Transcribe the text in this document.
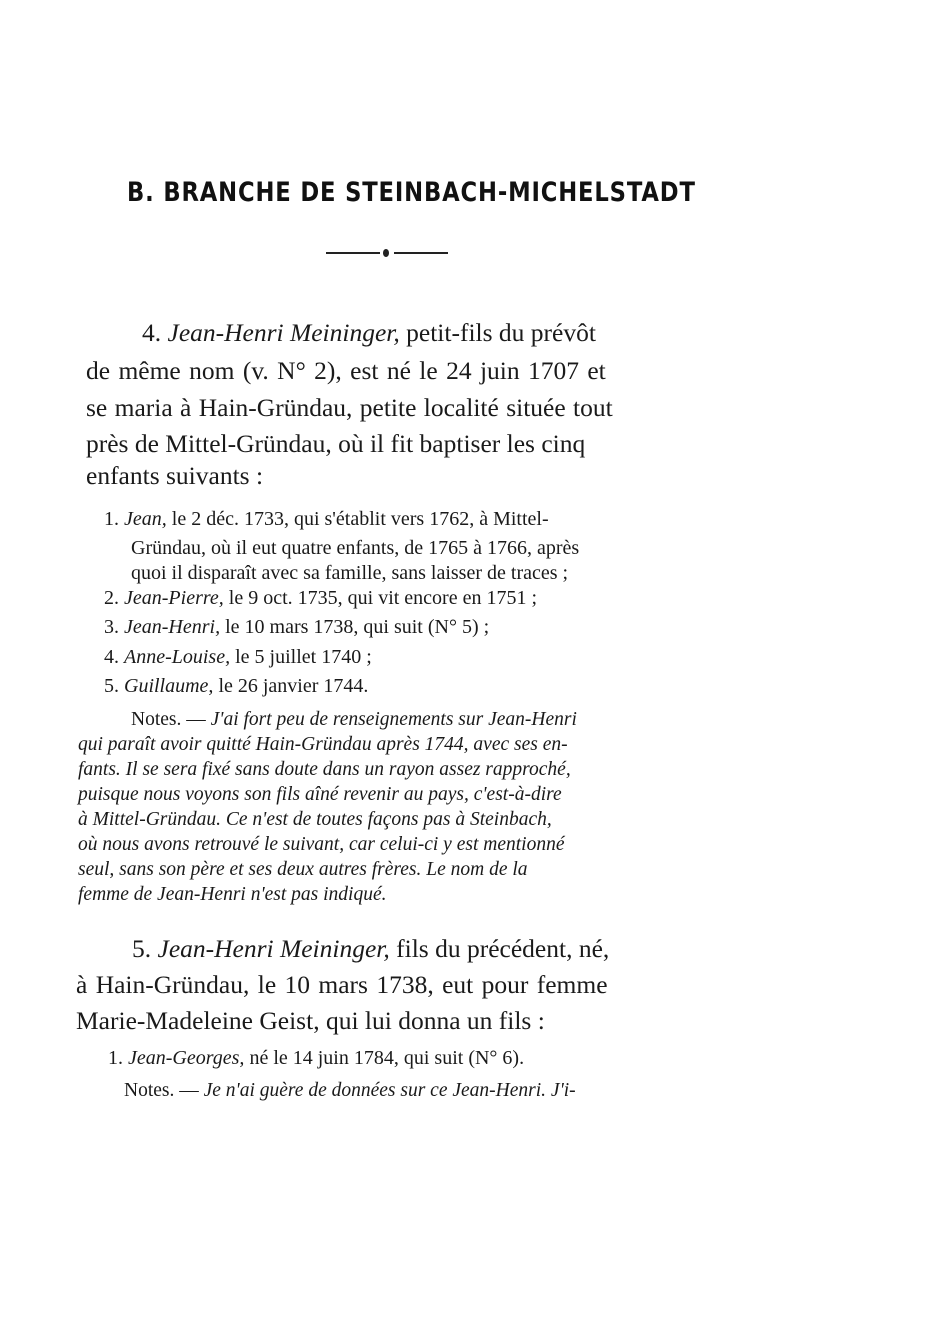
B. BRANCHE DE STEINBACH-MICHELSTADT
4. Jean-Henri Meininger, petit-fils du prévôt
de même nom (v. N° 2), est né le 24 juin 1707 et
se maria à Hain-Gründau, petite localité située tout
près de Mittel-Gründau, où il fit baptiser les cinq
enfants suivants :
1. Jean, le 2 déc. 1733, qui s'établit vers 1762, à Mittel-
Gründau, où il eut quatre enfants, de 1765 à 1766, après
quoi il disparaît avec sa famille, sans laisser de traces ;
2. Jean-Pierre, le 9 oct. 1735, qui vit encore en 1751 ;
3. Jean-Henri, le 10 mars 1738, qui suit (N° 5) ;
4. Anne-Louise, le 5 juillet 1740 ;
5. Guillaume, le 26 janvier 1744.
Notes. — J'ai fort peu de renseignements sur Jean-Henri
qui paraît avoir quitté Hain-Gründau après 1744, avec ses en-
fants. Il se sera fixé sans doute dans un rayon assez rapproché,
puisque nous voyons son fils aîné revenir au pays, c'est-à-dire
à Mittel-Gründau. Ce n'est de toutes façons pas à Steinbach,
où nous avons retrouvé le suivant, car celui-ci y est mentionné
seul, sans son père et ses deux autres frères. Le nom de la
femme de Jean-Henri n'est pas indiqué.
5. Jean-Henri Meininger, fils du précédent, né,
à Hain-Gründau, le 10 mars 1738, eut pour femme
Marie-Madeleine Geist, qui lui donna un fils :
1. Jean-Georges, né le 14 juin 1784, qui suit (N° 6).
Notes. — Je n'ai guère de données sur ce Jean-Henri. J'i-
